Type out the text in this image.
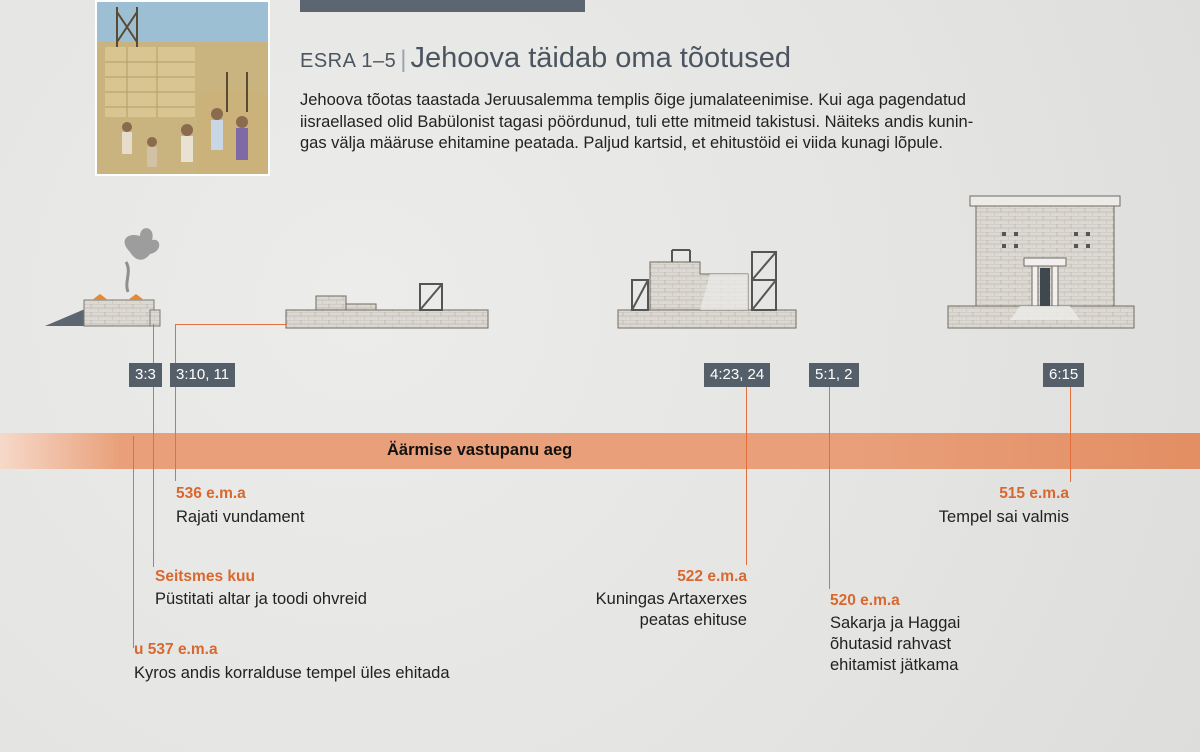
ESRA 1–5 | Jehoova täidab oma tõotused
Jehoova tõotas taastada Jeruusalemma templis õige jumalateenimise. Kui aga pagendatud
iisraellased olid Babülonist tagasi pöördunud, tuli ette mitmeid takistusi. Näiteks andis kunin-
gas välja määruse ehitamine peatada. Paljud kartsid, et ehitustöid ei viida kunagi lõpule.
Äärmise vastupanu aeg
3:3	3:10, 11	4:23, 24	5:1, 2	6:15
536 e.m.a
Rajati vundament
515 e.m.a
Tempel sai valmis
Seitsmes kuu
Püstitati altar ja toodi ohvreid
522 e.m.a
Kuningas Artaxerxes
peatas ehituse
520 e.m.a
Sakarja ja Haggai
õhutasid rahvast
ehitamist jätkama
u 537 e.m.a
Kyros andis korralduse tempel üles ehitada
